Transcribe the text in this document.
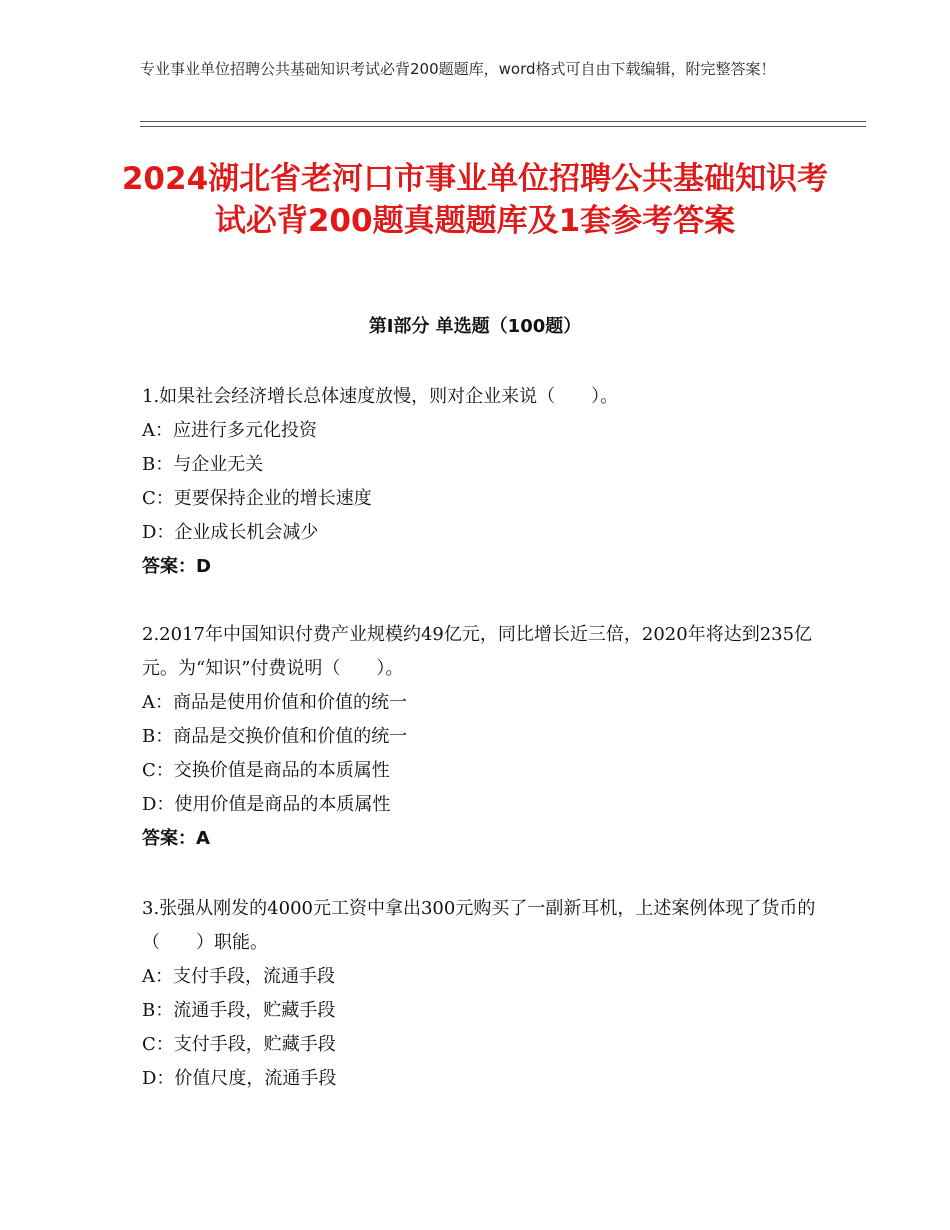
专业事业单位招聘公共基础知识考试必背200题题库，word格式可自由下载编辑，附完整答案！
2024湖北省老河口市事业单位招聘公共基础知识考试必背200题真题题库及1套参考答案
第I部分 单选题（100题）
1.如果社会经济增长总体速度放慢，则对企业来说（　　）。
A：应进行多元化投资
B：与企业无关
C：更要保持企业的增长速度
D：企业成长机会减少
答案：D
2.2017年中国知识付费产业规模约49亿元，同比增长近三倍，2020年将达到235亿元。为“知识”付费说明（　　）。
A：商品是使用价值和价值的统一
B：商品是交换价值和价值的统一
C：交换价值是商品的本质属性
D：使用价值是商品的本质属性
答案：A
3.张强从刚发的4000元工资中拿出300元购买了一副新耳机，上述案例体现了货币的（　　）职能。
A：支付手段，流通手段
B：流通手段，贮藏手段
C：支付手段，贮藏手段
D：价值尺度，流通手段
